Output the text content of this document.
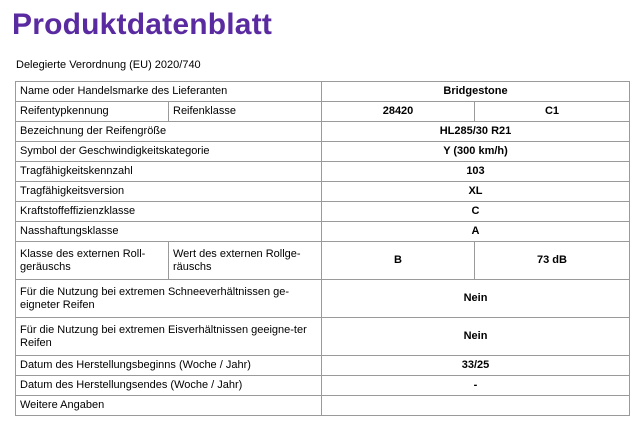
Produktdatenblatt
Delegierte Verordnung (EU) 2020/740
Name oder Handelsmarke des Lieferanten		Bridgestone	
Reifentypkennung	Reifenklasse	28420	C1
Bezeichnung der Reifengröße		HL285/30 R21	
Symbol der Geschwindigkeitskategorie		Y (300 km/h)	
Tragfähigkeitskennzahl		103	
Tragfähigkeitsversion		XL	
Kraftstoffeffizienzklasse		C	
Nasshaftungsklasse		A	
Klasse des externen Roll-geräuschs	Wert des externen Rollge-räuschs	B	73 dB
Für die Nutzung bei extremen Schneeverhältnissen ge-eigneter Reifen		Nein	
Für die Nutzung bei extremen Eisverhältnissen geeigne-ter Reifen		Nein	
Datum des Herstellungsbeginns (Woche / Jahr)		33/25	
Datum des Herstellungsendes (Woche / Jahr)		-	
Weitere Angaben			
